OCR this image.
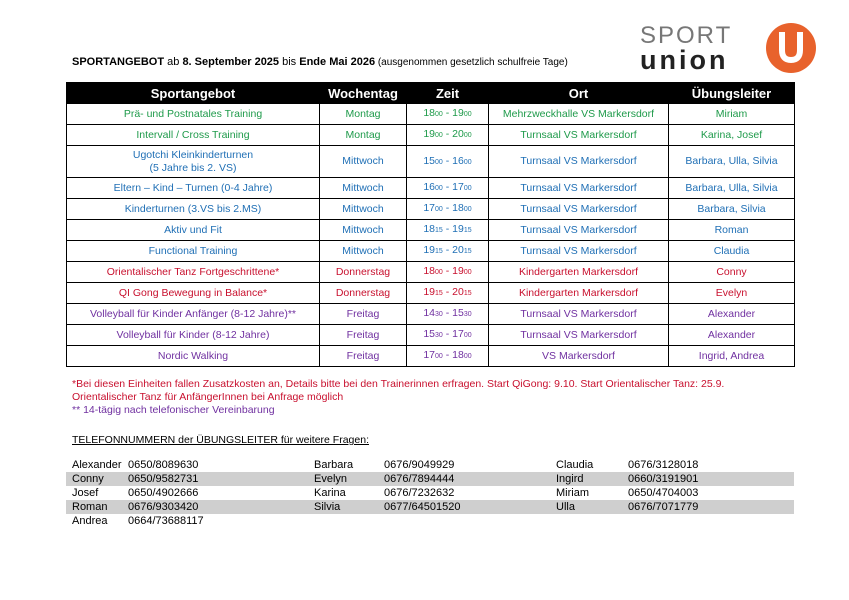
SPORTANGEBOT ab 8. September 2025 bis Ende Mai 2026 (ausgenommen gesetzlich schulfreie Tage)
SPORT
union
Sportangebot	Wochentag	Zeit	Ort	Übungsleiter
Prä- und Postnatales Training	Montag	1800 - 1900	Mehrzweckhalle VS Markersdorf	Miriam
Intervall / Cross Training	Montag	1900 - 2000	Turnsaal VS Markersdorf	Karina, Josef
Ugotchi Kleinkinderturnen
(5 Jahre bis 2. VS)	Mittwoch	1500 - 1600	Turnsaal VS Markersdorf	Barbara, Ulla, Silvia
Eltern – Kind – Turnen (0-4 Jahre)	Mittwoch	1600 - 1700	Turnsaal VS Markersdorf	Barbara, Ulla, Silvia
Kinderturnen (3.VS bis 2.MS)	Mittwoch	1700 - 1800	Turnsaal VS Markersdorf	Barbara, Silvia
Aktiv und Fit	Mittwoch	1815 - 1915	Turnsaal VS Markersdorf	Roman
Functional Training	Mittwoch	1915 - 2015	Turnsaal VS Markersdorf	Claudia
Orientalischer Tanz Fortgeschrittene*	Donnerstag	1800 - 1900	Kindergarten Markersdorf	Conny
QI Gong Bewegung in Balance*	Donnerstag	1915 - 2015	Kindergarten Markersdorf	Evelyn
Volleyball für Kinder Anfänger (8-12 Jahre)**	Freitag	1430 - 1530	Turnsaal VS Markersdorf	Alexander
Volleyball für Kinder (8-12 Jahre)	Freitag	1530 - 1700	Turnsaal VS Markersdorf	Alexander
Nordic Walking	Freitag	1700 - 1800	VS Markersdorf	Ingrid, Andrea
*Bei diesen Einheiten fallen Zusatzkosten an, Details bitte bei den Trainerinnen erfragen. Start QiGong: 9.10. Start Orientalischer Tanz: 25.9. Orientalischer Tanz für AnfängerInnen bei Anfrage möglich
** 14-tägig nach telefonischer Vereinbarung
TELEFONNUMMERN der ÜBUNGSLEITER für weitere Fragen:
Alexander 0650/8089630	Barbara	0676/9049929	Claudia	0676/3128018
Conny 0650/9582731	Evelyn	0676/7894444	Ingird	0660/3191901
Josef	0650/4902666	Karina	0676/7232632	Miriam	0650/4704003
Roman 0676/9303420	Silvia	0677/64501520	Ulla	0676/7071779
Andrea 0664/73688117
